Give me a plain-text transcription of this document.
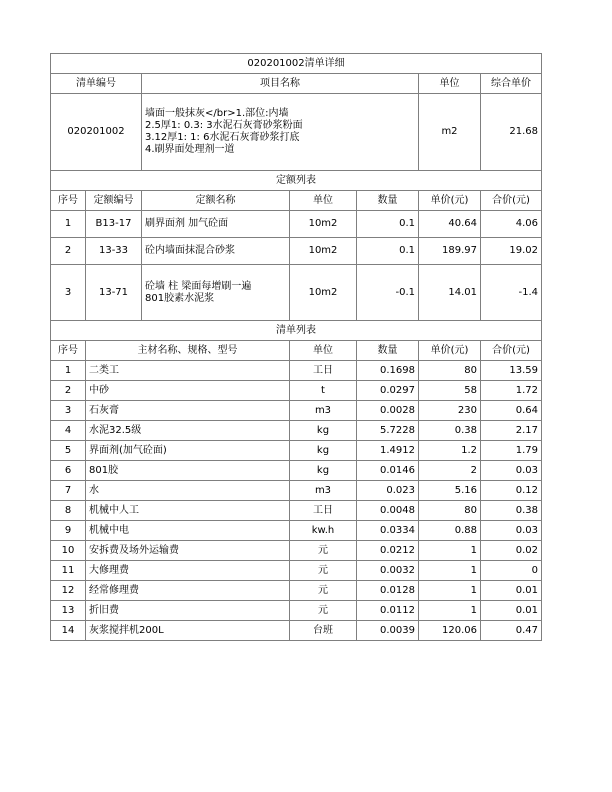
020201002清单详细						
清单编号		项目名称			单位	综合单价
020201002		墙面一般抹灰</br>1.部位:内墙
2.5厚1: 0.3: 3水泥石灰膏砂浆粉面
3.12厚1: 1: 6水泥石灰膏砂浆打底
4.刷界面处理剂一道			m2	21.68
定额列表						
序号	定额编号	定额名称	单位	数量	单价(元)	合价(元)
1	B13-17	刷界面剂 加气砼面	10m2	0.1	40.64	4.06
2	13-33	砼内墙面抹混合砂浆	10m2	0.1	189.97	19.02
3	13-71	砼墙 柱 梁面每增刷一遍
801胶素水泥浆	10m2	-0.1	14.01	-1.4
清单列表						
序号	主材名称、规格、型号		单位	数量	单价(元)	合价(元)
1	二类工		工日	0.1698	80	13.59
2	中砂		t	0.0297	58	1.72
3	石灰膏		m3	0.0028	230	0.64
4	水泥32.5级		kg	5.7228	0.38	2.17
5	界面剂(加气砼面)		kg	1.4912	1.2	1.79
6	801胶		kg	0.0146	2	0.03
7	水		m3	0.023	5.16	0.12
8	机械中人工		工日	0.0048	80	0.38
9	机械中电		kw.h	0.0334	0.88	0.03
10	安拆费及场外运输费		元	0.0212	1	0.02
11	大修理费		元	0.0032	1	0
12	经常修理费		元	0.0128	1	0.01
13	折旧费		元	0.0112	1	0.01
14	灰浆搅拌机200L		台班	0.0039	120.06	0.47
